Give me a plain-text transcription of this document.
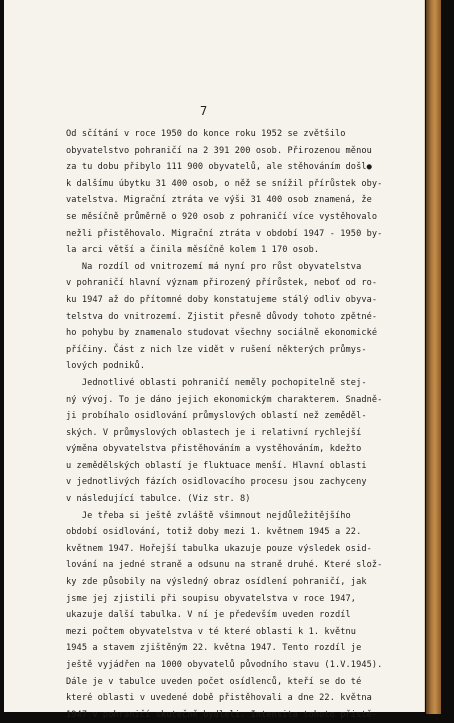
7
Od sčítání v roce 1950 do konce roku 1952 se zvětšilo
obyvatelstvo pohraničí na 2 391 200 osob. Přirozenou měnou
za tu dobu přibylo 111 900 obyvatelů, ale stěhováním došl●
k dalšímu úbytku 31 400 osob, o něž se snížil přírůstek oby-
vatelstva. Migrační ztráta ve výši 31 400 osob znamená, že
se měsíčně průměrně o 920 osob z pohraničí více vystěhovalo
nežli přistěhovalo. Migrační ztráta v období 1947 - 1950 by-
la arci větší a činila měsíčně kolem 1 170 osob.
Na rozdíl od vnitrozemí má nyní pro růst obyvatelstva
v pohraničí hlavní význam přirozený přírůstek, neboť od ro-
ku 1947 až do přítomné doby konstatujeme stálý odliv obyva-
telstva do vnitrozemí. Zjistit přesně důvody tohoto zpětné-
ho pohybu by znamenalo studovat všechny sociálně ekonomické
příčiny. Část z nich lze vidět v rušení některých průmys-
lových podniků.
Jednotlivé oblasti pohraničí neměly pochopitelně stej-
ný vývoj. To je dáno jejich ekonomickým charakterem. Snadně-
ji probíhalo osidlování průmyslových oblastí než zeměděl-
ských. V průmyslových oblastech je i relativní rychlejší
výměna obyvatelstva přistěhováním a vystěhováním, kdežto
u zemědělských oblastí je fluktuace menší. Hlavní oblasti
v jednotlivých fázích osidlovacího procesu jsou zachyceny
v následující tabulce. (Viz str. 8)
Je třeba si ještě zvláště všimnout nejdůležitějšího
období osidlování, totiž doby mezi 1. květnem 1945 a 22.
květnem 1947. Hořejší tabulka ukazuje pouze výsledek osid-
lování na jedné straně a odsunu na straně druhé. Které slož-
ky zde působily na výsledný obraz osídlení pohraničí, jak
jsme jej zjistili při soupisu obyvatelstva v roce 1947,
ukazuje další tabulka. V ní je především uveden rozdíl
mezi počtem obyvatelstva v té které oblasti k 1. květnu
1945 a stavem zjištěným 22. května 1947. Tento rozdíl je
ještě vyjádřen na 1000 obyvatelů původního stavu (1.V.1945).
Dále je v tabulce uveden počet osídlenců, kteří se do té
které oblasti v uvedené době přistěhovali a dne 22. května
1947 v pohraničí skutečně bydleli. Intensita tohoto přistě-
